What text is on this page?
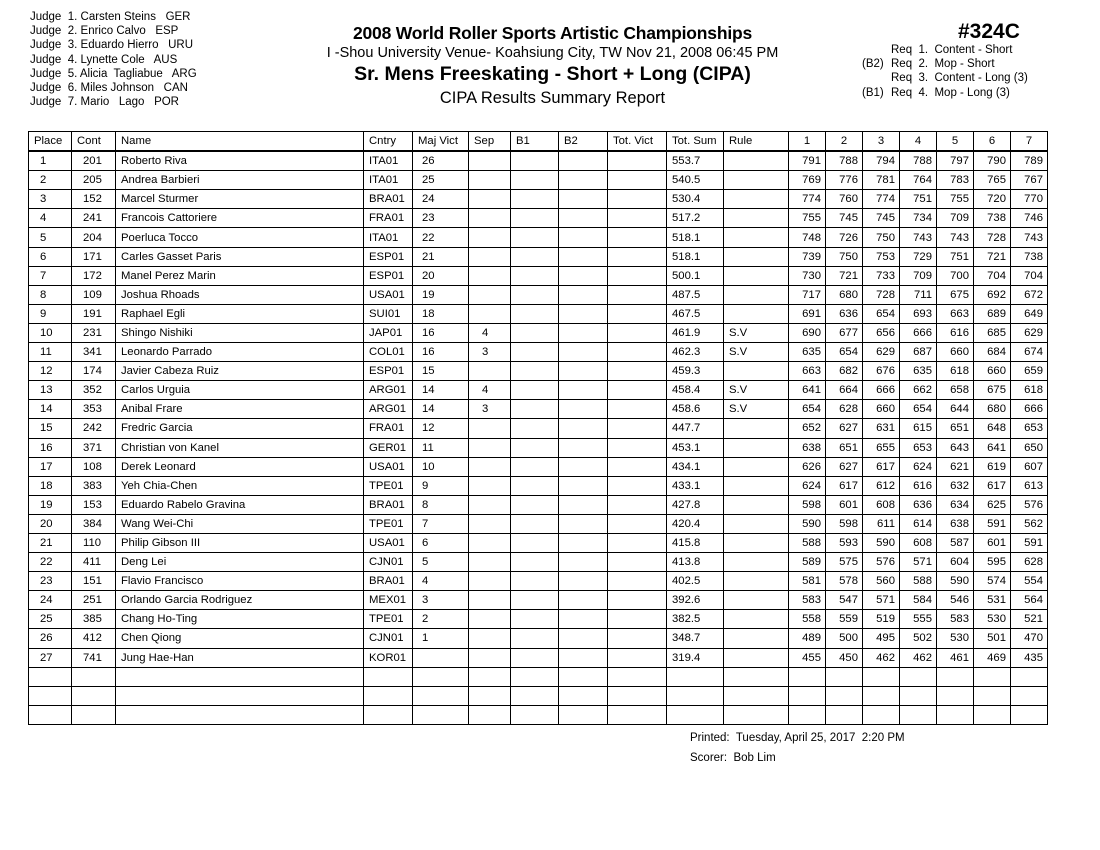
Judge  1. Carsten Steins GER
Judge  2. Enrico Calvo ESP
Judge  3. Eduardo Hierro URU
Judge  4. Lynette Cole AUS
Judge  5. Alicia  Tagliabue ARG
Judge  6. Miles Johnson CAN
Judge  7. Mario   Lago POR
2008 World Roller Sports Artistic Championships
I -Shou University Venue- Koahsiung City, TW Nov 21, 2008 06:45 PM
Sr. Mens Freeskating - Short + Long (CIPA)
CIPA Results Summary Report
#324C
Req  1.  Content - Short
(B2) Req  2.  Mop - Short
Req  3.  Content - Long (3)
(B1) Req  4.  Mop - Long (3)
Place	Cont	Name	Cntry	Maj Vict	Sep	B1	B2	Tot. Vict	Tot. Sum	Rule	1	2	3	4	5	6	7
1	201	Roberto Riva	ITA01	26					553.7		791	788	794	788	797	790	789
2	205	Andrea Barbieri	ITA01	25					540.5		769	776	781	764	783	765	767
3	152	Marcel Sturmer	BRA01	24					530.4		774	760	774	751	755	720	770
4	241	Francois Cattoriere	FRA01	23					517.2		755	745	745	734	709	738	746
5	204	Poerluca Tocco	ITA01	22					518.1		748	726	750	743	743	728	743
6	171	Carles Gasset Paris	ESP01	21					518.1		739	750	753	729	751	721	738
7	172	Manel Perez Marin	ESP01	20					500.1		730	721	733	709	700	704	704
8	109	Joshua Rhoads	USA01	19					487.5		717	680	728	711	675	692	672
9	191	Raphael Egli	SUI01	18					467.5		691	636	654	693	663	689	649
10	231	Shingo Nishiki	JAP01	16	4				461.9	S.V	690	677	656	666	616	685	629
11	341	Leonardo Parrado	COL01	16	3				462.3	S.V	635	654	629	687	660	684	674
12	174	Javier Cabeza Ruiz	ESP01	15					459.3		663	682	676	635	618	660	659
13	352	Carlos Urguia	ARG01	14	4				458.4	S.V	641	664	666	662	658	675	618
14	353	Anibal Frare	ARG01	14	3				458.6	S.V	654	628	660	654	644	680	666
15	242	Fredric Garcia	FRA01	12					447.7		652	627	631	615	651	648	653
16	371	Christian von Kanel	GER01	11					453.1		638	651	655	653	643	641	650
17	108	Derek Leonard	USA01	10					434.1		626	627	617	624	621	619	607
18	383	Yeh Chia-Chen	TPE01	9					433.1		624	617	612	616	632	617	613
19	153	Eduardo Rabelo Gravina	BRA01	8					427.8		598	601	608	636	634	625	576
20	384	Wang Wei-Chi	TPE01	7					420.4		590	598	611	614	638	591	562
21	110	Philip Gibson III	USA01	6					415.8		588	593	590	608	587	601	591
22	411	Deng Lei	CJN01	5					413.8		589	575	576	571	604	595	628
23	151	Flavio Francisco	BRA01	4					402.5		581	578	560	588	590	574	554
24	251	Orlando Garcia Rodriguez	MEX01	3					392.6		583	547	571	584	546	531	564
25	385	Chang Ho-Ting	TPE01	2					382.5		558	559	519	555	583	530	521
26	412	Chen Qiong	CJN01	1					348.7		489	500	495	502	530	501	470
27	741	Jung Hae-Han	KOR01						319.4		455	450	462	462	461	469	435

Printed: Tuesday, April 25, 2017  2:20 PM
Scorer: Bob Lim
